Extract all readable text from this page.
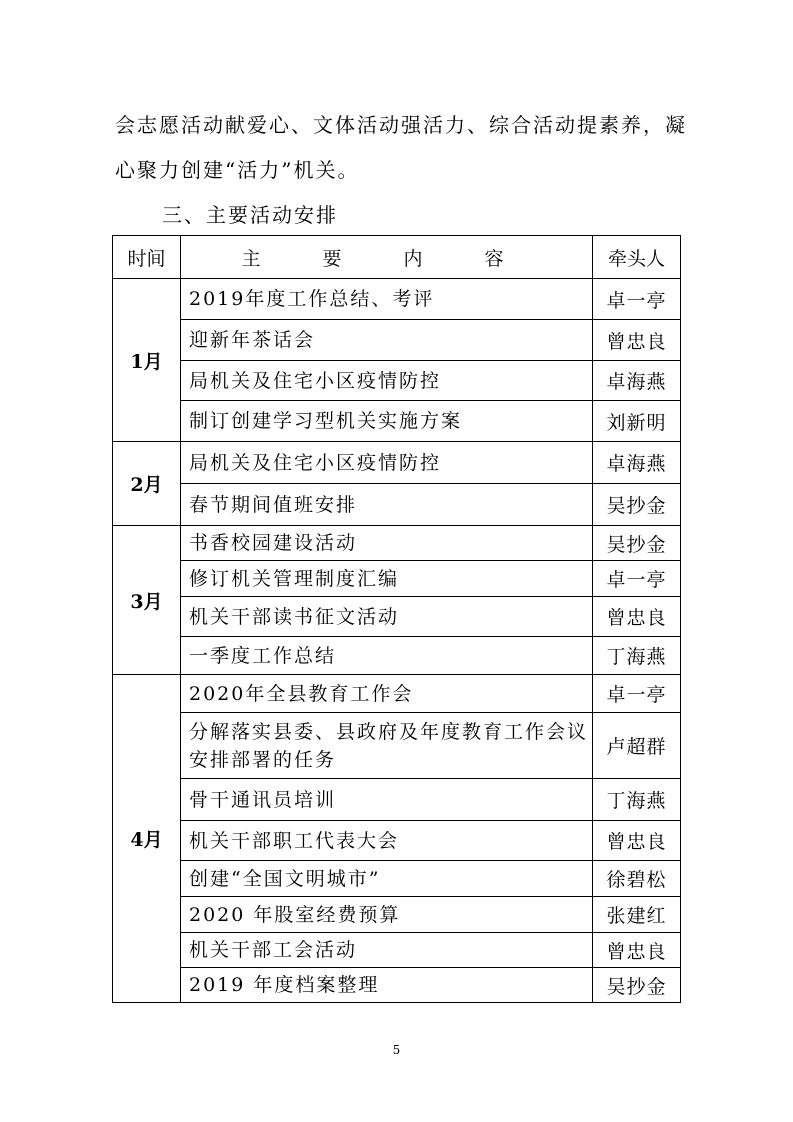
会志愿活动献爱心、文体活动强活力、综合活动提素养，凝
心聚力创建“活力”机关。
三、主要活动安排
时间	主 要 内 容	牵头人
1月	2019年度工作总结、考评	卓一亭
	迎新年茶话会	曾忠良
	局机关及住宅小区疫情防控	卓海燕
	制订创建学习型机关实施方案	刘新明
2月	局机关及住宅小区疫情防控	卓海燕
	春节期间值班安排	吴抄金
3月	书香校园建设活动	吴抄金
	修订机关管理制度汇编	卓一亭
	机关干部读书征文活动	曾忠良
	一季度工作总结	丁海燕
4月	2020年全县教育工作会	卓一亭
	分解落实县委、县政府及年度教育工作会议安排部署的任务	卢超群
	骨干通讯员培训	丁海燕
	机关干部职工代表大会	曾忠良
	创建“全国文明城市”	徐碧松
	2020 年股室经费预算	张建红
	机关干部工会活动	曾忠良
	2019 年度档案整理	吴抄金
5
